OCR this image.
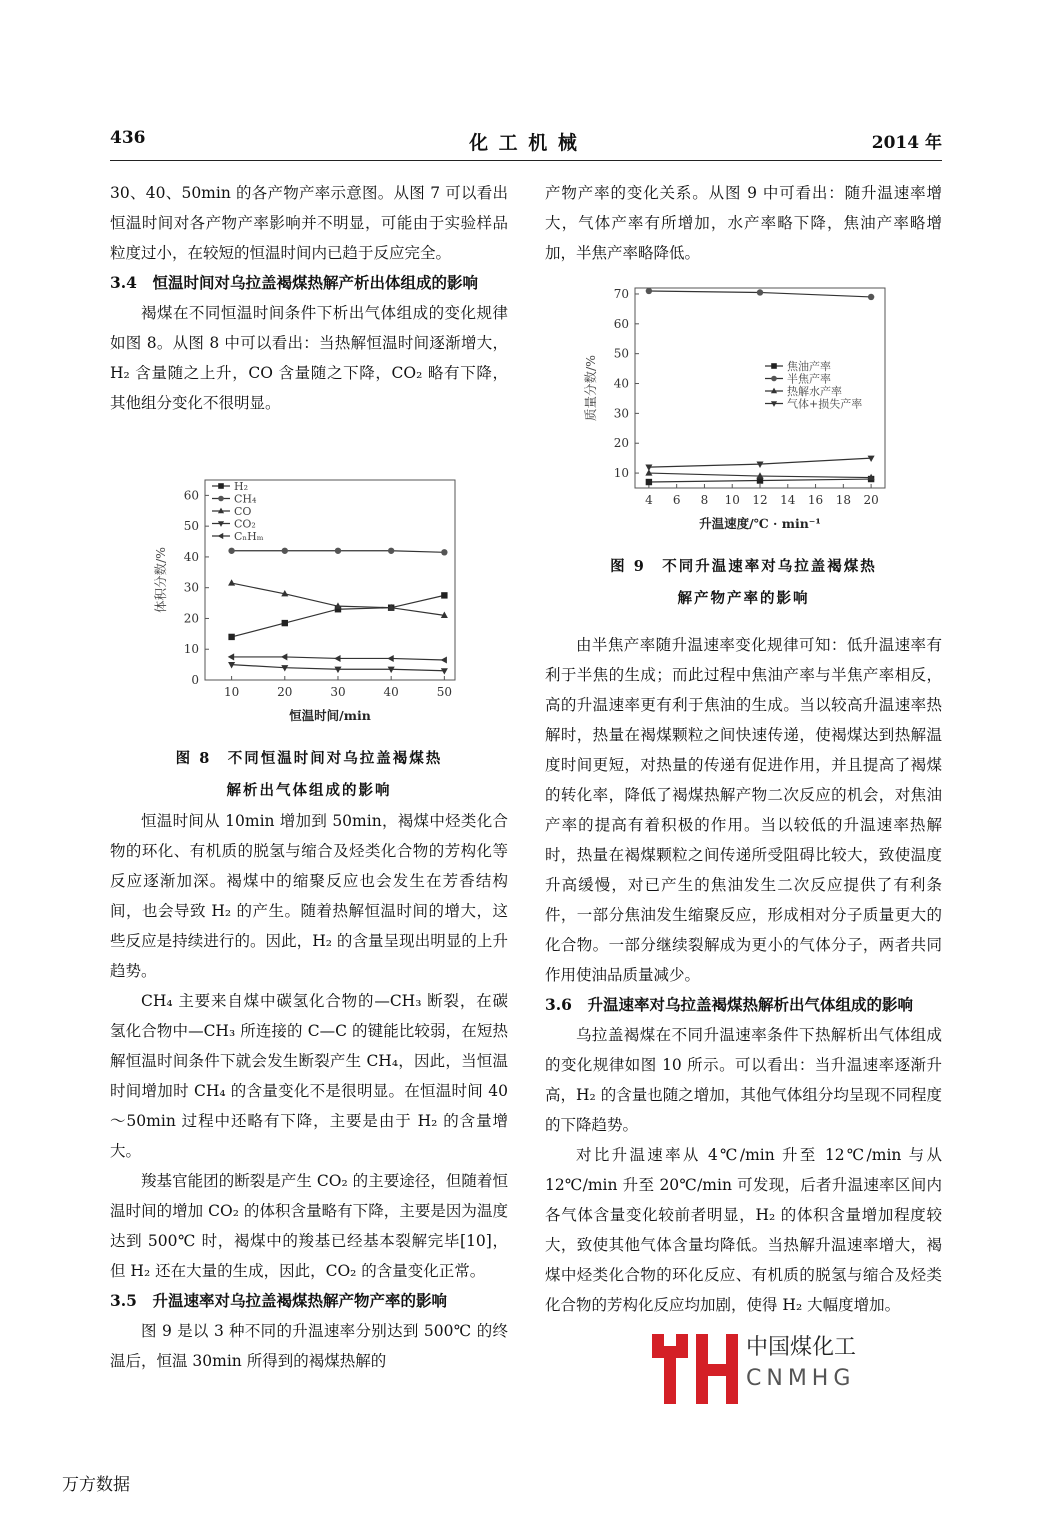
436	化 工 机 械	2014 年

30、40、50min 的各产物产率示意图。从图 7 可以看出恒温时间对各产物产率影响并不明显，可能由于实验样品粒度过小，在较短的恒温时间内已趋于反应完全。

3.4　恒温时间对乌拉盖褐煤热解产析出体组成的影响

褐煤在不同恒温时间条件下析出气体组成的变化规律如图 8。从图 8 中可以看出：当热解恒温时间逐渐增大，H₂ 含量随之上升，CO 含量随之下降，CO₂ 略有下降，其他组分变化不很明显。

10	20	30	40	50
0
10
20
30
40
50
60
恒温时间/min
体积分数/%
H₂
CH₄
CO
CO₂
CₙHₘ
图 8　不同恒温时间对乌拉盖褐煤热
解析出气体组成的影响

恒温时间从 10min 增加到 50min，褐煤中烃类化合物的环化、有机质的脱氢与缩合及烃类化合物的芳构化等反应逐渐加深。褐煤中的缩聚反应也会发生在芳香结构间，也会导致 H₂ 的产生。随着热解恒温时间的增大，这些反应是持续进行的。因此，H₂ 的含量呈现出明显的上升趋势。

CH₄ 主要来自煤中碳氢化合物的—CH₃ 断裂，在碳氢化合物中—CH₃ 所连接的 C—C 的键能比较弱，在短热解恒温时间条件下就会发生断裂产生 CH₄，因此，当恒温时间增加时 CH₄ 的含量变化不是很明显。在恒温时间 40～50min 过程中还略有下降，主要是由于 H₂ 的含量增大。

羧基官能团的断裂是产生 CO₂ 的主要途径，但随着恒温时间的增加 CO₂ 的体积含量略有下降，主要是因为温度达到 500℃ 时，褐煤中的羧基已经基本裂解完毕[10]，但 H₂ 还在大量的生成，因此，CO₂ 的含量变化正常。

3.5　升温速率对乌拉盖褐煤热解产物产率的影响

图 9 是以 3 种不同的升温速率分别达到 500℃ 的终温后，恒温 30min 所得到的褐煤热解的

产物产率的变化关系。从图 9 中可看出：随升温速率增大，气体产率有所增加，水产率略下降，焦油产率略增加，半焦产率略降低。

4 6 8 10 12 14 16 18 20
10
20
30
40
50
60
70
升温速度/℃ · min⁻¹
质量分数/%	焦油产率
半焦产率
热解水产率
气体+损失产率
图 9　不同升温速率对乌拉盖褐煤热
解产物产率的影响

由半焦产率随升温速率变化规律可知：低升温速率有利于半焦的生成；而此过程中焦油产率与半焦产率相反，高的升温速率更有利于焦油的生成。当以较高升温速率热解时，热量在褐煤颗粒之间快速传递，使褐煤达到热解温度时间更短，对热量的传递有促进作用，并且提高了褐煤的转化率，降低了褐煤热解产物二次反应的机会，对焦油产率的提高有着积极的作用。当以较低的升温速率热解时，热量在褐煤颗粒之间传递所受阻碍比较大，致使温度升高缓慢，对已产生的焦油发生二次反应提供了有利条件，一部分焦油发生缩聚反应，形成相对分子质量更大的化合物。一部分继续裂解成为更小的气体分子，两者共同作用使油品质量减少。

3.6　升温速率对乌拉盖褐煤热解析出气体组成的影响

乌拉盖褐煤在不同升温速率条件下热解析出气体组成的变化规律如图 10 所示。可以看出：当升温速率逐渐升高，H₂ 的含量也随之增加，其他气体组分均呈现不同程度的下降趋势。

对比升温速率从 4℃/min 升至 12℃/min 与从 12℃/min 升至 20℃/min 可发现，后者升温速率区间内各气体含量变化较前者明显，H₂ 的体积含量增加程度较大，致使其他气体含量均降低。当热解升温速率增大，褐煤中烃类化合物的环化反应、有机质的脱氢与缩合及烃类化合物的芳构化反应均加剧，使得 H₂ 大幅度增加。

中国煤化工
CNMHG
万方数据
